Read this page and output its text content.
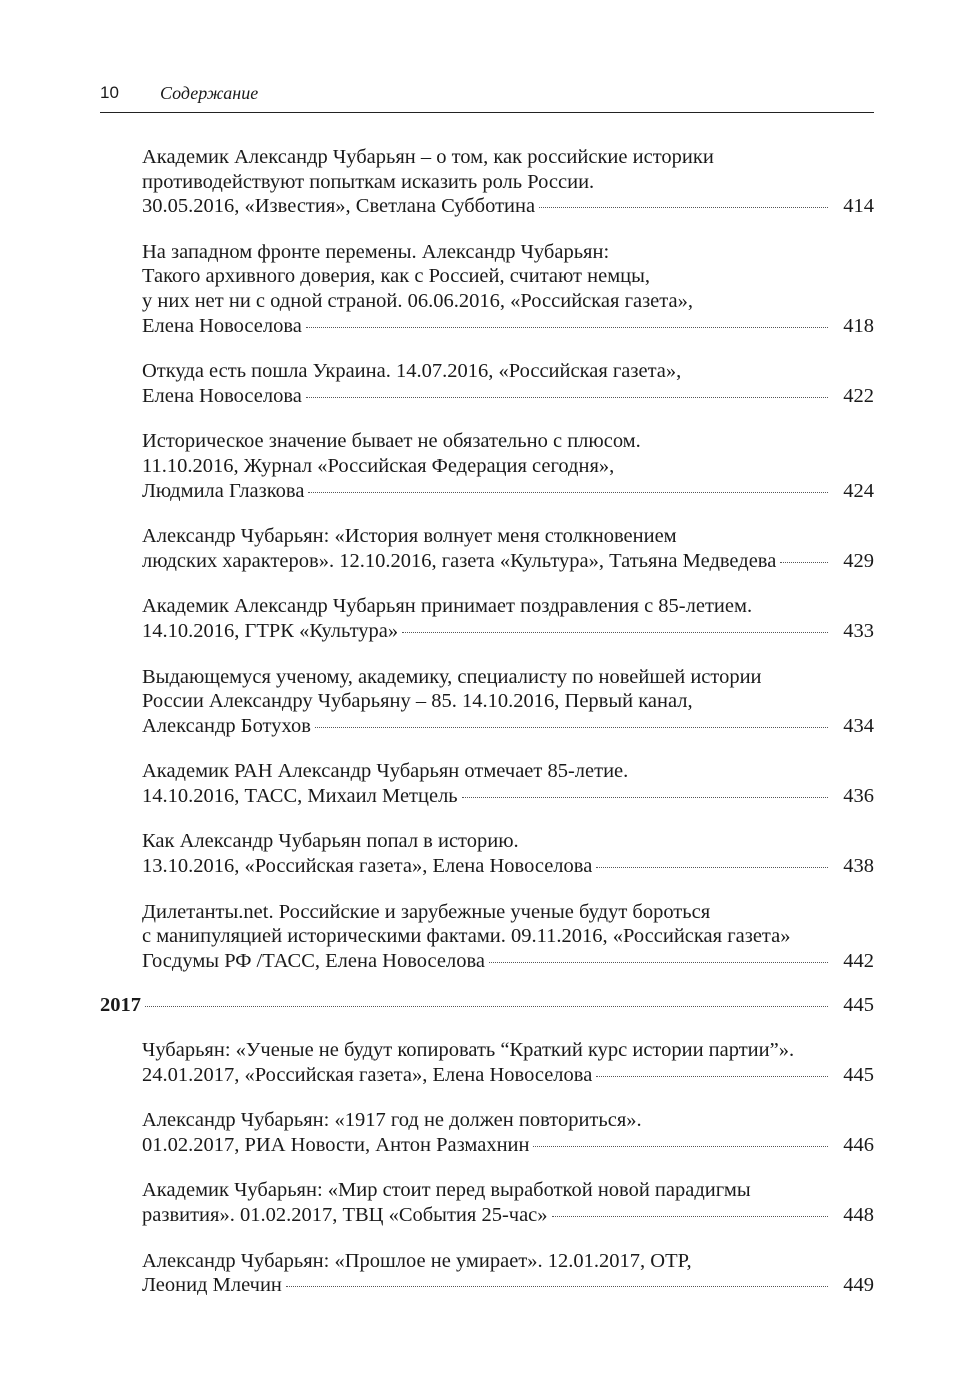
10 Содержание
Академик Александр Чубарьян – о том, как российские историки
противодействуют попыткам исказить роль России.
30.05.2016, «Известия», Светлана Субботина	414
На западном фронте перемены. Александр Чубарьян:
Такого архивного доверия, как с Россией, считают немцы,
у них нет ни с одной страной. 06.06.2016, «Российская газета»,
Елена Новоселова	418
Откуда есть пошла Украина. 14.07.2016, «Российская газета»,
Елена Новоселова	422
Историческое значение бывает не обязательно с плюсом.
11.10.2016, Журнал «Российская Федерация сегодня»,
Людмила Глазкова	424
Александр Чубарьян: «История волнует меня столкновением
людских характеров». 12.10.2016, газета «Культура», Татьяна Медведева	429
Академик Александр Чубарьян принимает поздравления с 85-летием.
14.10.2016, ГТРК «Культура»	433
Выдающемуся ученому, академику, специалисту по новейшей истории
России Александру Чубарьяну – 85. 14.10.2016, Первый канал,
Александр Ботухов	434
Академик РАН Александр Чубарьян отмечает 85-летие.
14.10.2016, ТАСС, Михаил Метцель	436
Как Александр Чубарьян попал в историю.
13.10.2016, «Российская газета», Елена Новоселова	438
Дилетанты.net. Российские и зарубежные ученые будут бороться
с манипуляцией историческими фактами. 09.11.2016, «Российская газета»
Госдумы РФ /ТАСС, Елена Новоселова	442
2017	445
Чубарьян: «Ученые не будут копировать “Краткий курс истории партии”».
24.01.2017, «Российская газета», Елена Новоселова	445
Александр Чубарьян: «1917 год не должен повториться».
01.02.2017, РИА Новости, Антон Размахнин	446
Академик Чубарьян: «Мир стоит перед выработкой новой парадигмы
развития». 01.02.2017, ТВЦ «События 25-час»	448
Александр Чубарьян: «Прошлое не умирает». 12.01.2017, ОТР,
Леонид Млечин	449
